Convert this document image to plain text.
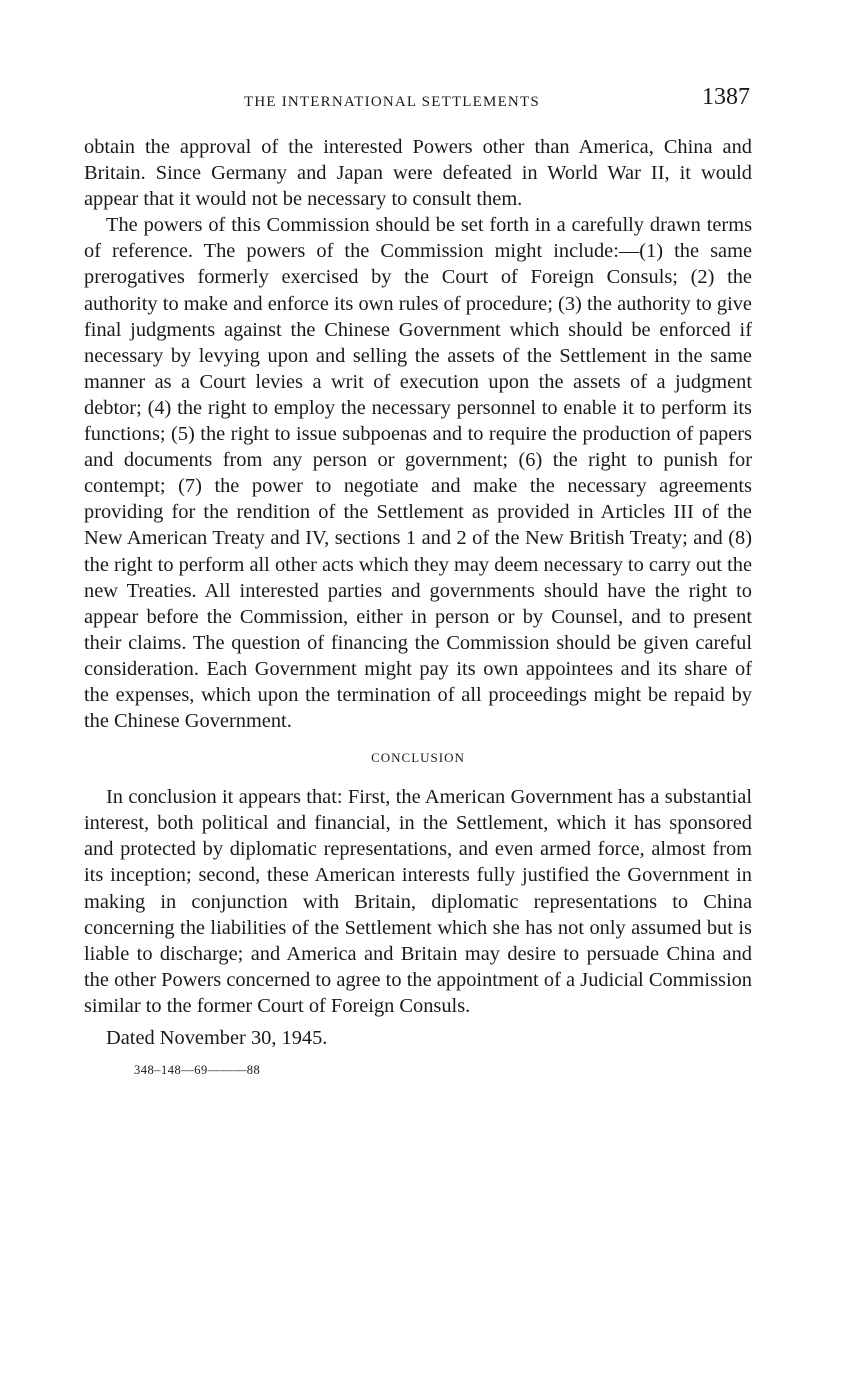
THE INTERNATIONAL SETTLEMENTS	1387

obtain the approval of the interested Powers other than America, China and Britain. Since Germany and Japan were defeated in World War II, it would appear that it would not be necessary to consult them.

The powers of this Commission should be set forth in a carefully drawn terms of reference. The powers of the Commission might include:—(1) the same prerogatives formerly exercised by the Court of Foreign Consuls; (2) the authority to make and enforce its own rules of procedure; (3) the authority to give final judgments against the Chinese Government which should be enforced if necessary by levying upon and selling the assets of the Settlement in the same manner as a Court levies a writ of execution upon the assets of a judgment debtor; (4) the right to employ the necessary personnel to enable it to perform its functions; (5) the right to issue subpoenas and to require the production of papers and documents from any person or government; (6) the right to punish for contempt; (7) the power to negotiate and make the necessary agreements providing for the rendition of the Settlement as provided in Articles III of the New American Treaty and IV, sections 1 and 2 of the New British Treaty; and (8) the right to perform all other acts which they may deem necessary to carry out the new Treaties. All interested parties and governments should have the right to appear before the Commission, either in person or by Counsel, and to present their claims. The question of financing the Commission should be given careful consideration. Each Government might pay its own appointees and its share of the expenses, which upon the termination of all proceedings might be repaid by the Chinese Government.

CONCLUSION

In conclusion it appears that: First, the American Government has a substantial interest, both political and financial, in the Settlement, which it has sponsored and protected by diplomatic representations, and even armed force, almost from its inception; second, these American interests fully justified the Government in making in conjunction with Britain, diplomatic representations to China concerning the liabilities of the Settlement which she has not only assumed but is liable to discharge; and America and Britain may desire to persuade China and the other Powers concerned to agree to the appointment of a Judicial Commission similar to the former Court of Foreign Consuls.

Dated November 30, 1945.
348–148—69———88
